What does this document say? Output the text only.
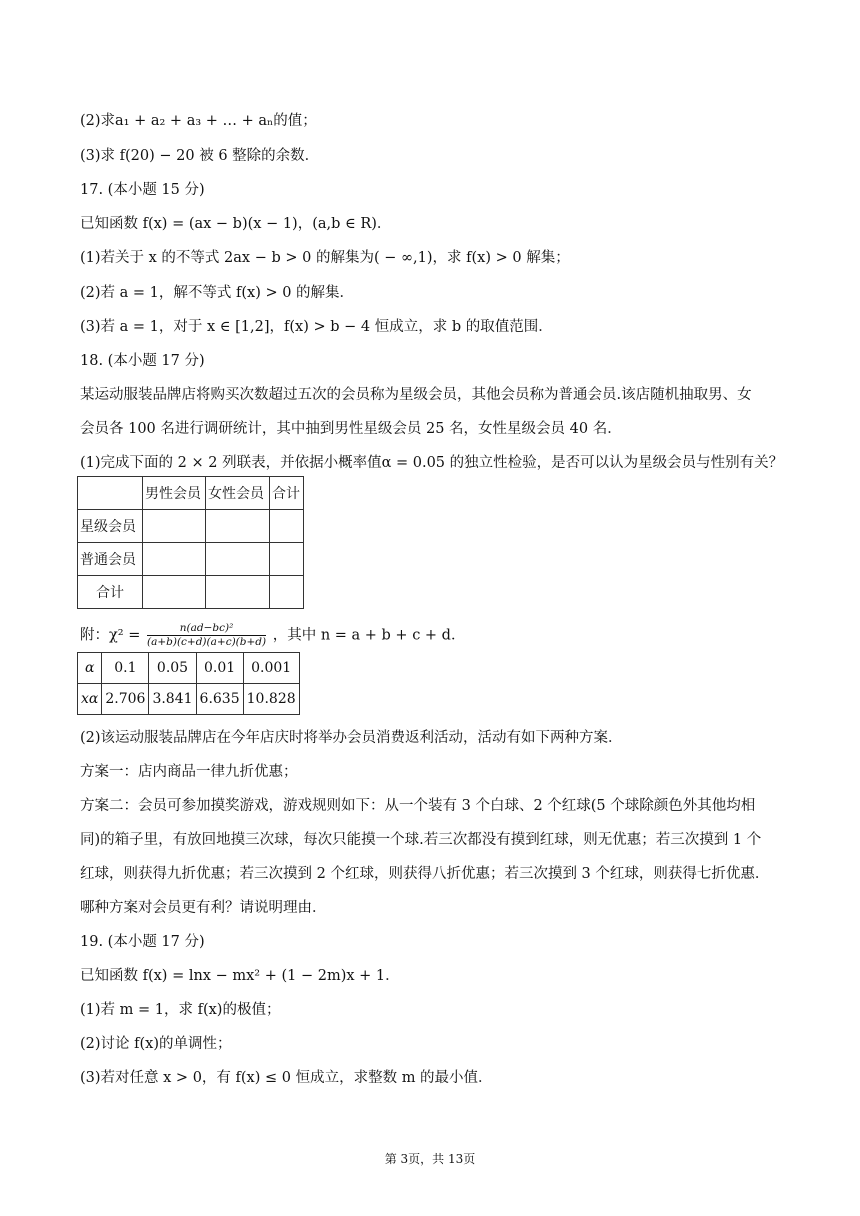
(2)求a₁ + a₂ + a₃ + … + aₙ的值；
(3)求 f(20) − 20 被 6 整除的余数．
17. (本小题 15 分)
已知函数 f(x) = (ax − b)(x − 1)，(a,b ∈ R)．
(1)若关于 x 的不等式 2ax − b > 0 的解集为( − ∞,1)，求 f(x) > 0 解集；
(2)若 a = 1，解不等式 f(x) > 0 的解集．
(3)若 a = 1，对于 x ∈ [1,2]，f(x) > b − 4 恒成立，求 b 的取值范围．
18. (本小题 17 分)
某运动服装品牌店将购买次数超过五次的会员称为星级会员，其他会员称为普通会员.该店随机抽取男、女
会员各 100 名进行调研统计，其中抽到男性星级会员 25 名，女性星级会员 40 名．
(1)完成下面的 2 × 2 列联表，并依据小概率值α = 0.05 的独立性检验，是否可以认为星级会员与性别有关？
	男性会员	女性会员	合计
星级会员			
普通会员			
合计			
附：$\chi^2 = \frac{\text{n(ad−bc)²}}{(a+b)(c+d)(a+c)(b+d)}$ ，其中 n = a + b + c + d．
α	0.1	0.05	0.01	0.001
xα	2.706	3.841	6.635	10.828
(2)该运动服装品牌店在今年店庆时将举办会员消费返利活动，活动有如下两种方案．
方案一：店内商品一律九折优惠；
方案二：会员可参加摸奖游戏，游戏规则如下：从一个装有 3 个白球、2 个红球(5 个球除颜色外其他均相
同)的箱子里，有放回地摸三次球，每次只能摸一个球.若三次都没有摸到红球，则无优惠；若三次摸到 1 个
红球，则获得九折优惠；若三次摸到 2 个红球，则获得八折优惠；若三次摸到 3 个红球，则获得七折优惠．
哪种方案对会员更有利？请说明理由．
19. (本小题 17 分)
已知函数 f(x) = lnx − mx² + (1 − 2m)x + 1．
(1)若 m = 1，求 f(x)的极值；
(2)讨论 f(x)的单调性；
(3)若对任意 x > 0，有 f(x) ≤ 0 恒成立，求整数 m 的最小值．
第 3页，共 13页
